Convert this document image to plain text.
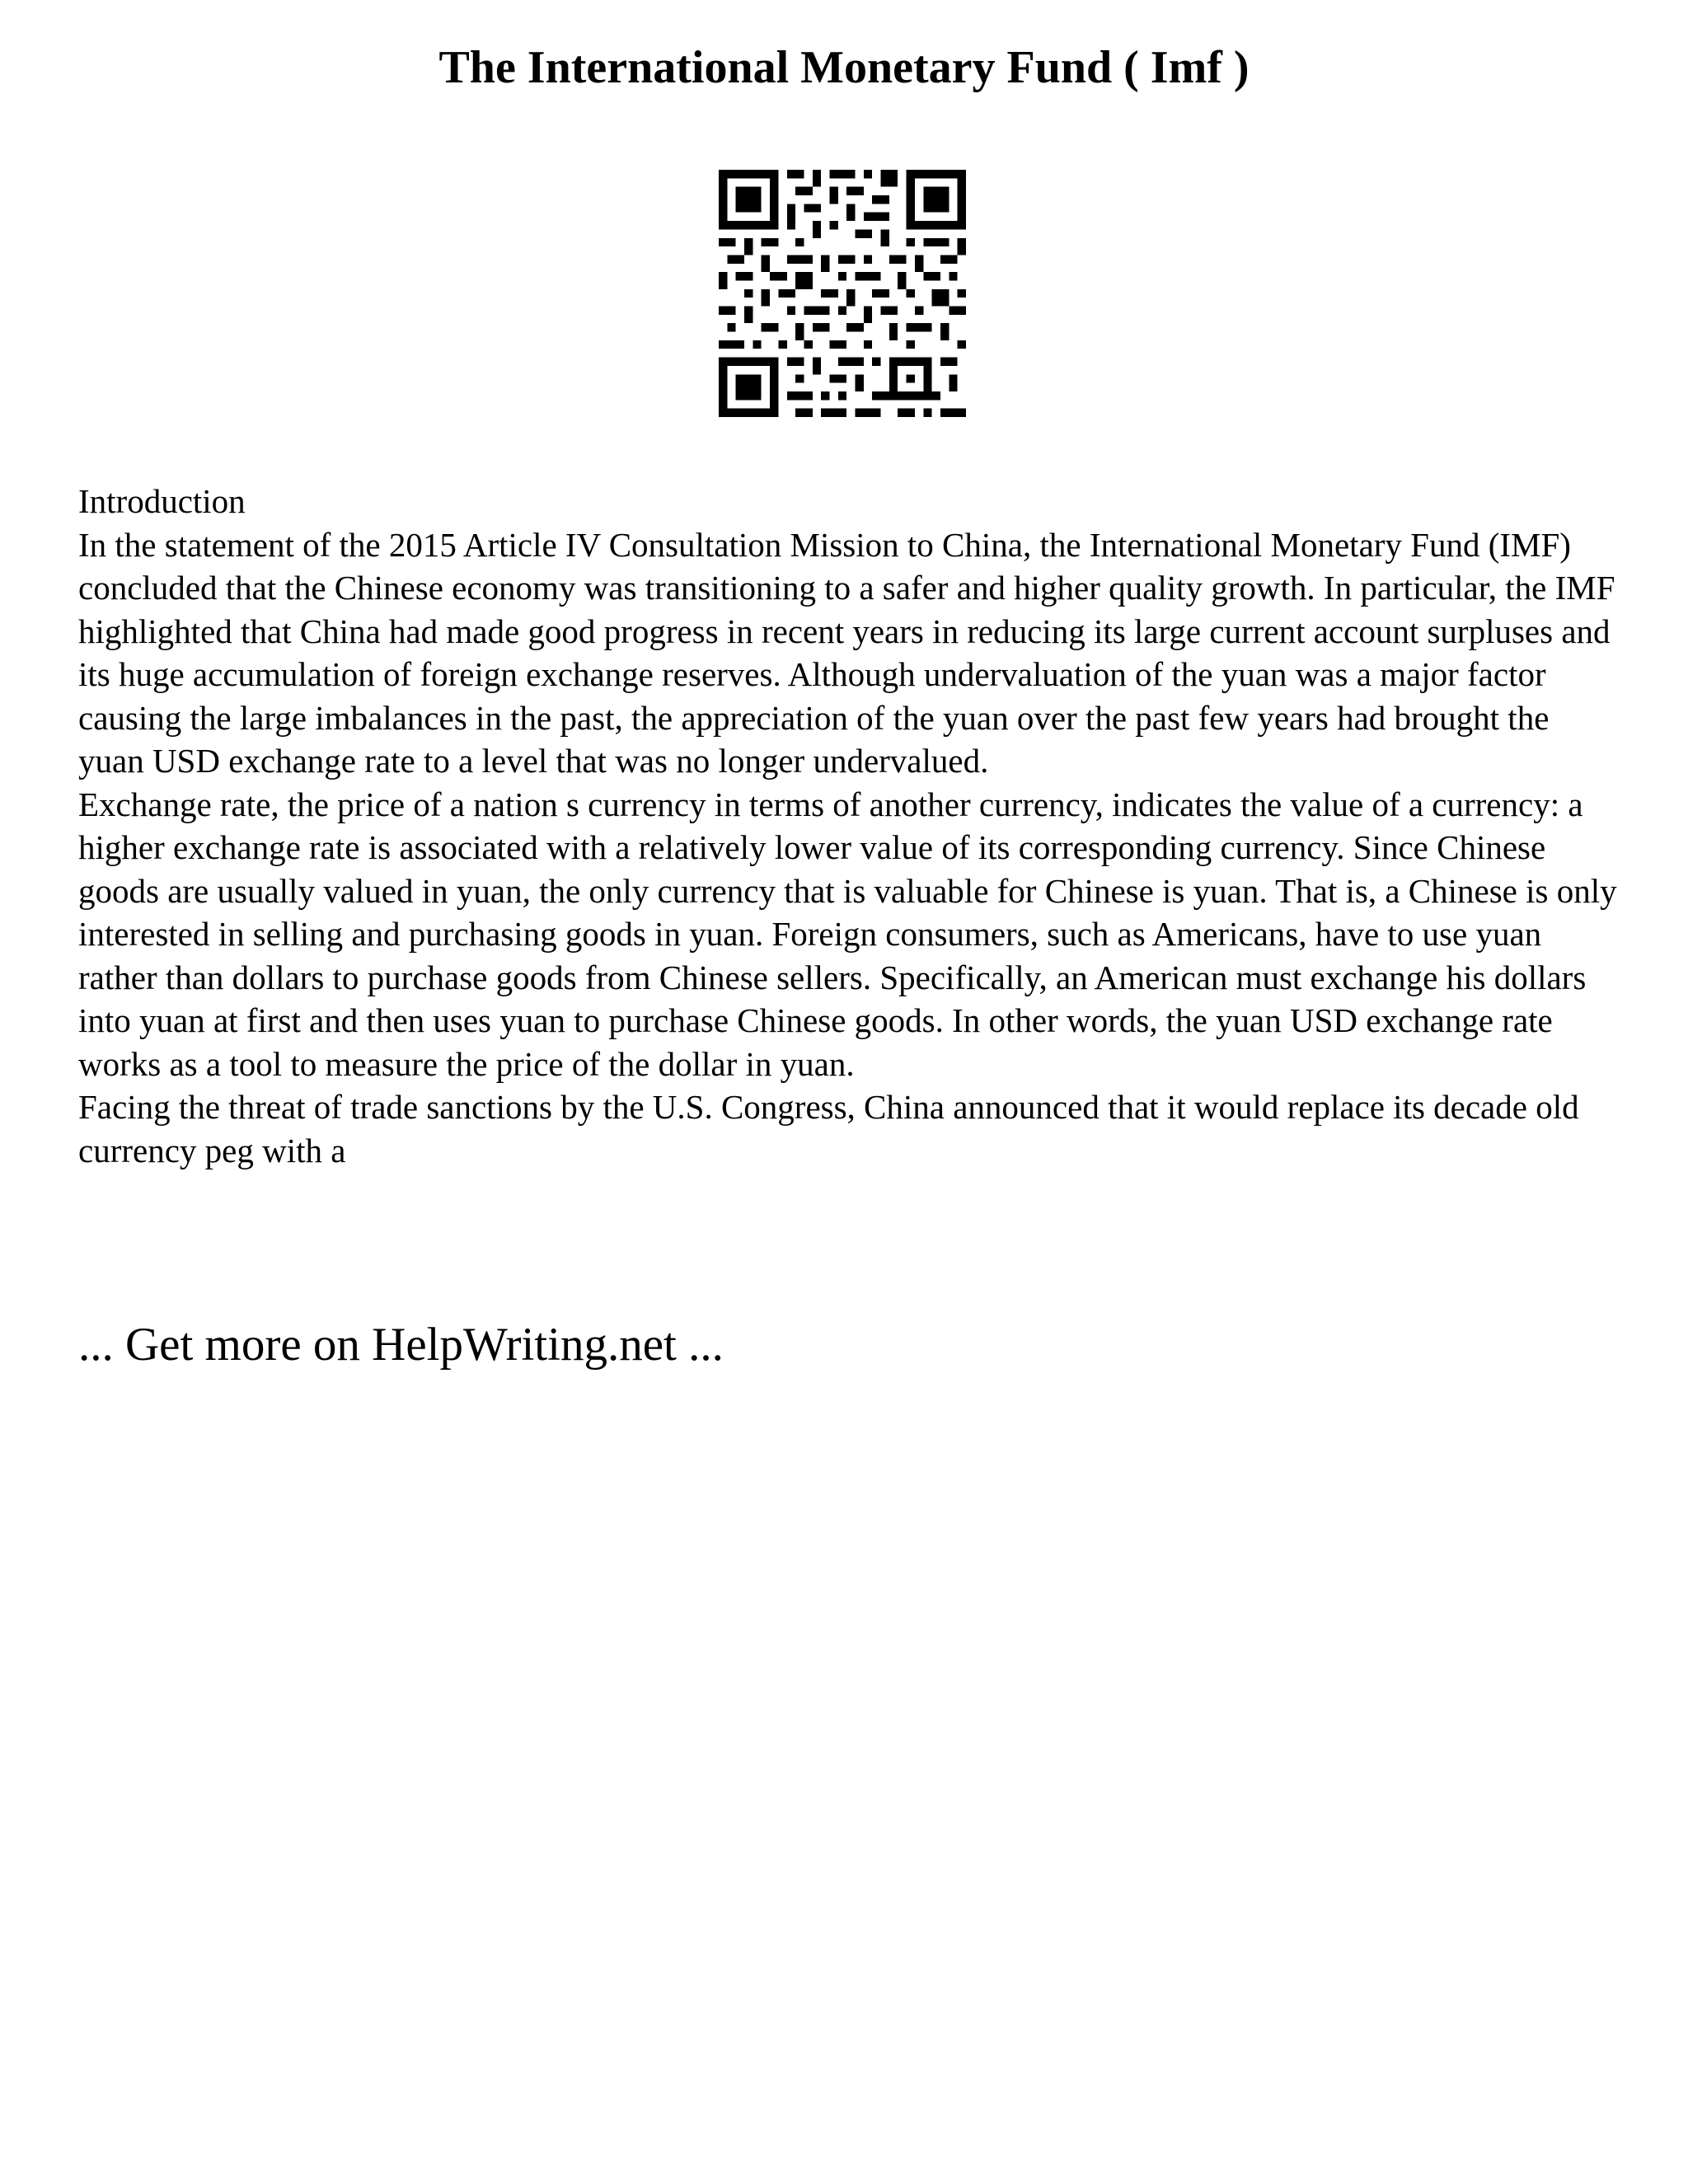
The International Monetary Fund ( Imf )

Introduction

In the statement of the 2015 Article IV Consultation Mission to China, the International Monetary Fund (IMF) concluded that the Chinese economy was transitioning to a safer and higher quality growth. In particular, the IMF highlighted that China had made good progress in recent years in reducing its large current account surpluses and its huge accumulation of foreign exchange reserves. Although undervaluation of the yuan was a major factor causing the large imbalances in the past, the appreciation of the yuan over the past few years had brought the yuan USD exchange rate to a level that was no longer undervalued.

Exchange rate, the price of a nation s currency in terms of another currency, indicates the value of a currency: a higher exchange rate is associated with a relatively lower value of its corresponding currency. Since Chinese goods are usually valued in yuan, the only currency that is valuable for Chinese is yuan. That is, a Chinese is only interested in selling and purchasing goods in yuan. Foreign consumers, such as Americans, have to use yuan rather than dollars to purchase goods from Chinese sellers. Specifically, an American must exchange his dollars into yuan at first and then uses yuan to purchase Chinese goods. In other words, the yuan USD exchange rate works as a tool to measure the price of the dollar in yuan.

Facing the threat of trade sanctions by the U.S. Congress, China announced that it would replace its decade old currency peg with a

... Get more on HelpWriting.net ...
